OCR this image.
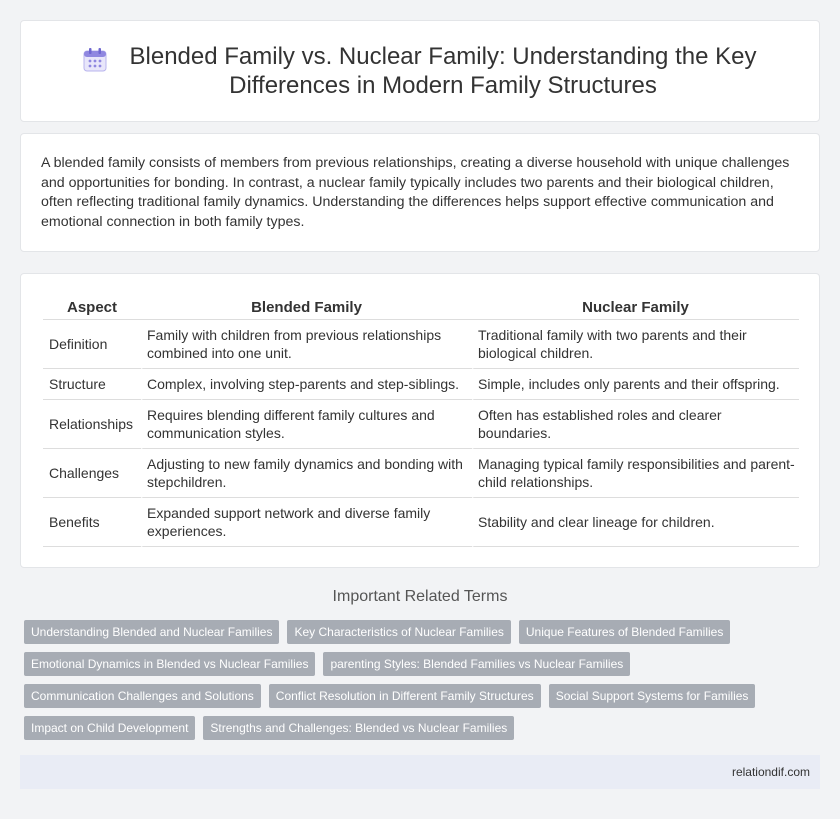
Blended Family vs. Nuclear Family: Understanding the Key Differences in Modern Family Structures

A blended family consists of members from previous relationships, creating a diverse household with unique challenges and opportunities for bonding. In contrast, a nuclear family typically includes two parents and their biological children, often reflecting traditional family dynamics. Understanding the differences helps support effective communication and emotional connection in both family types.

Aspect	Blended Family	Nuclear Family
Definition	Family with children from previous relationships combined into one unit.	Traditional family with two parents and their biological children.
Structure	Complex, involving step-parents and step-siblings.	Simple, includes only parents and their offspring.
Relationships	Requires blending different family cultures and communication styles.	Often has established roles and clearer boundaries.
Challenges	Adjusting to new family dynamics and bonding with stepchildren.	Managing typical family responsibilities and parent-child relationships.
Benefits	Expanded support network and diverse family experiences.	Stability and clear lineage for children.
Important Related Terms
Understanding Blended and Nuclear Families	Key Characteristics of Nuclear Families	Unique Features of Blended Families
Emotional Dynamics in Blended vs Nuclear Families	parenting Styles: Blended Families vs Nuclear Families
Communication Challenges and Solutions	Conflict Resolution in Different Family Structures	Social Support Systems for Families
Impact on Child Development	Strengths and Challenges: Blended vs Nuclear Families
relationdif.com
